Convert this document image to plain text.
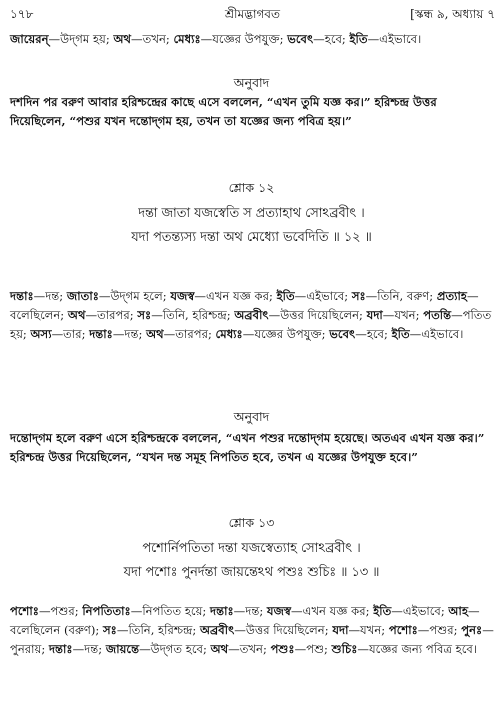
১৭৮	শ্রীমদ্ভাগবত	[স্কন্ধ ৯, অধ্যায় ৭

জায়েরন্—উদ্‌গম হয়; অথ—তখন; মেধ্যঃ—যজ্ঞের উপযুক্ত; ভবেৎ—হবে; ইতি—এইভাবে।

অনুবাদ

দশদিন পর বরুণ আবার হরিশ্চন্দ্রের কাছে এসে বললেন, “এখন তুমি যজ্ঞ কর।” হরিশ্চন্দ্র উত্তর দিয়েছিলেন, “পশুর যখন দন্তোদ্‌গম হয়, তখন তা যজ্ঞের জন্য পবিত্র হয়।”

শ্লোক ১২
দন্তা জাতা যজস্বেতি স প্রত্যাহাথ সোঽব্রবীৎ ।
যদা পতন্ত্যস্য দন্তা অথ মেধ্যো ভবেদিতি ॥ ১২ ॥

দন্তাঃ—দন্ত; জাতাঃ—উদ্‌গম হলে; যজস্ব—এখন যজ্ঞ কর; ইতি—এইভাবে; সঃ—তিনি, বরুণ; প্রত্যাহ—বলেছিলেন; অথ—তারপর; সঃ—তিনি, হরিশ্চন্দ্র; অব্রবীৎ—উত্তর দিয়েছিলেন; যদা—যখন; পতন্তি—পতিত হয়; অস্য—তার; দন্তাঃ—দন্ত; অথ—তারপর; মেধ্যঃ—যজ্ঞের উপযুক্ত; ভবেৎ—হবে; ইতি—এইভাবে।

অনুবাদ

দন্তোদ্‌গম হলে বরুণ এসে হরিশ্চন্দ্রকে বললেন, “এখন পশুর দন্তোদ্‌গম হয়েছে। অতএব এখন যজ্ঞ কর।” হরিশ্চন্দ্র উত্তর দিয়েছিলেন, “যখন দন্ত সমূহ নিপতিত হবে, তখন এ যজ্ঞের উপযুক্ত হবে।”

শ্লোক ১৩
পশোর্নিপতিতা দন্তা যজস্বেত্যাহ সোঽব্রবীৎ ।
যদা পশোঃ পুনর্দন্তা জায়ন্তেঽথ পশুঃ শুচিঃ ॥ ১৩ ॥

পশোঃ—পশুর; নিপতিতাঃ—নিপতিত হয়ে; দন্তাঃ—দন্ত; যজস্ব—এখন যজ্ঞ কর; ইতি—এইভাবে; আহ—বলেছিলেন (বরুণ); সঃ—তিনি, হরিশ্চন্দ্র; অব্রবীৎ—উত্তর দিয়েছিলেন; যদা—যখন; পশোঃ—পশুর; পুনঃ—পুনরায়; দন্তাঃ—দন্ত; জায়ন্তে—উদ্‌গত হবে; অথ—তখন; পশুঃ—পশু; শুচিঃ—যজ্ঞের জন্য পবিত্র হবে।
